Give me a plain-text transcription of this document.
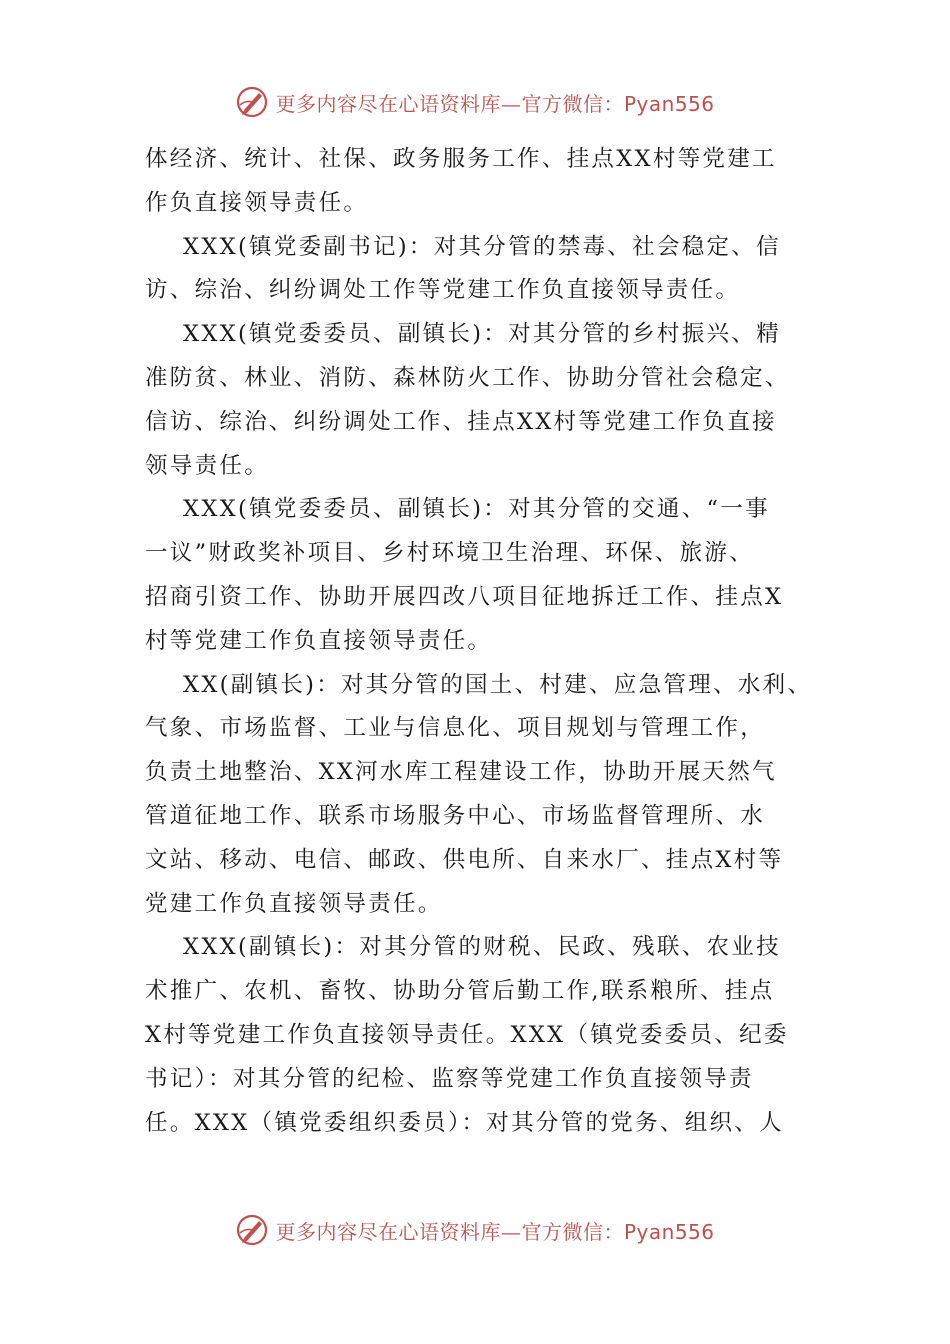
更多内容尽在心语资料库—官方微信：Pyan556
体经济、统计、社保、政务服务工作、挂点XX村等党建工
作负直接领导责任。
XXX(镇党委副书记)：对其分管的禁毒、社会稳定、信
访、综治、纠纷调处工作等党建工作负直接领导责任。
XXX(镇党委委员、副镇长)：对其分管的乡村振兴、精
准防贫、林业、消防、森林防火工作、协助分管社会稳定、
信访、综治、纠纷调处工作、挂点XX村等党建工作负直接
领导责任。
XXX(镇党委委员、副镇长)：对其分管的交通、“一事
一议”财政奖补项目、乡村环境卫生治理、环保、旅游、
招商引资工作、协助开展四改八项目征地拆迁工作、挂点X
村等党建工作负直接领导责任。
XX(副镇长)：对其分管的国土、村建、应急管理、水利、
气象、市场监督、工业与信息化、项目规划与管理工作，
负责土地整治、XX河水库工程建设工作，协助开展天然气
管道征地工作、联系市场服务中心、市场监督管理所、水
文站、移动、电信、邮政、供电所、自来水厂、挂点X村等
党建工作负直接领导责任。
XXX(副镇长)：对其分管的财税、民政、残联、农业技
术推广、农机、畜牧、协助分管后勤工作,联系粮所、挂点
X村等党建工作负直接领导责任。XXX（镇党委委员、纪委
书记）：对其分管的纪检、监察等党建工作负直接领导责
任。XXX（镇党委组织委员）：对其分管的党务、组织、人
更多内容尽在心语资料库—官方微信：Pyan556
